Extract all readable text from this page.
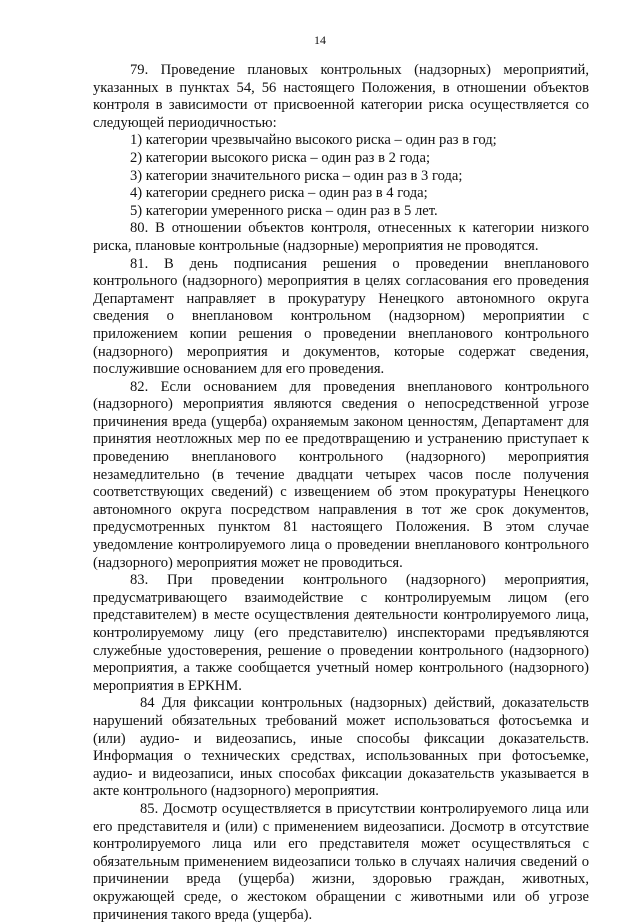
14

79. Проведение плановых контрольных (надзорных) мероприятий, указанных в пунктах 54, 56 настоящего Положения, в отношении объектов контроля в зависимости от присвоенной категории риска осуществляется со следующей периодичностью:

1) категории чрезвычайно высокого риска – один раз в год;

2) категории высокого риска – один раз в 2 года;

3) категории значительного риска – один раз в 3 года;

4) категории среднего риска – один раз в 4 года;

5) категории умеренного риска – один раз в 5 лет.

80. В отношении объектов контроля, отнесенных к категории низкого риска, плановые контрольные (надзорные) мероприятия не проводятся.

81. В день подписания решения о проведении внепланового контрольного (надзорного) мероприятия в целях согласования его проведения Департамент направляет в прокуратуру Ненецкого автономного округа сведения о внеплановом контрольном (надзорном) мероприятии с приложением копии решения о проведении внепланового контрольного (надзорного) мероприятия и документов, которые содержат сведения, послужившие основанием для его проведения.

82. Если основанием для проведения внепланового контрольного (надзорного) мероприятия являются сведения о непосредственной угрозе причинения вреда (ущерба) охраняемым законом ценностям, Департамент для принятия неотложных мер по ее предотвращению и устранению приступает к проведению внепланового контрольного (надзорного) мероприятия незамедлительно (в течение двадцати четырех часов после получения соответствующих сведений) с извещением об этом прокуратуры Ненецкого автономного округа посредством направления в тот же срок документов, предусмотренных пунктом 81 настоящего Положения. В этом случае уведомление контролируемого лица о проведении внепланового контрольного (надзорного) мероприятия может не проводиться.

83. При проведении контрольного (надзорного) мероприятия, предусматривающего взаимодействие с контролируемым лицом (его представителем) в месте осуществления деятельности контролируемого лица, контролируемому лицу (его представителю) инспекторами предъявляются служебные удостоверения, решение о проведении контрольного (надзорного) мероприятия, а также сообщается учетный номер контрольного (надзорного) мероприятия в ЕРКНМ.

84 Для фиксации контрольных (надзорных) действий, доказательств нарушений обязательных требований может использоваться фотосъемка и (или) аудио- и видеозапись, иные способы фиксации доказательств. Информация о технических средствах, использованных при фотосъемке, аудио- и видеозаписи, иных способах фиксации доказательств указывается в акте контрольного (надзорного) мероприятия.

85. Досмотр осуществляется в присутствии контролируемого лица или его представителя и (или) с применением видеозаписи. Досмотр в отсутствие контролируемого лица или его представителя может осуществляться с обязательным применением видеозаписи только в случаях наличия сведений о причинении вреда (ущерба) жизни, здоровью граждан, животных, окружающей среде, о жестоком обращении с животными или об угрозе причинения такого вреда (ущерба).
